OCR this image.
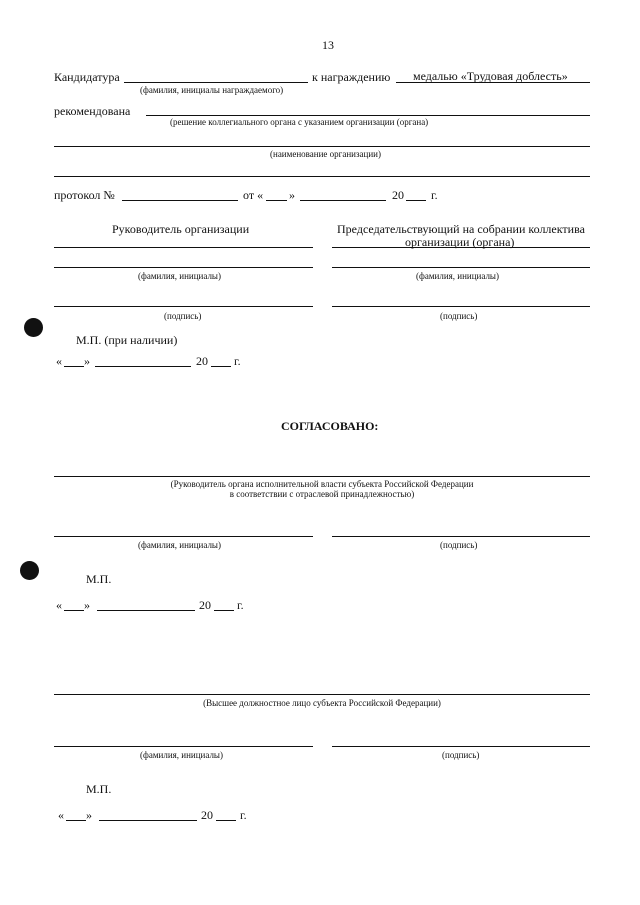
13
Кандидатура
(фамилия, инициалы награждаемого)
к награждению медалью «Трудовая доблесть»
рекомендована
(решение коллегиального органа с указанием организации (органа)
(наименование организации)
протокол №	от « »	20 г.
Руководитель организации	Председательствующий на собрании коллектива
организации (органа)
(фамилия, инициалы)	(фамилия, инициалы)
(подпись)	(подпись)
М.П. (при наличии)
« »	20 г.
СОГЛАСОВАНО:
(Руководитель органа исполнительной власти субъекта Российской Федерации
в соответствии с отраслевой принадлежностью)
(фамилия, инициалы)	(подпись)
М.П.
« »	20 г.
(Высшее должностное лицо субъекта Российской Федерации)
(фамилия, инициалы)	(подпись)
М.П.
« »	20 г.
